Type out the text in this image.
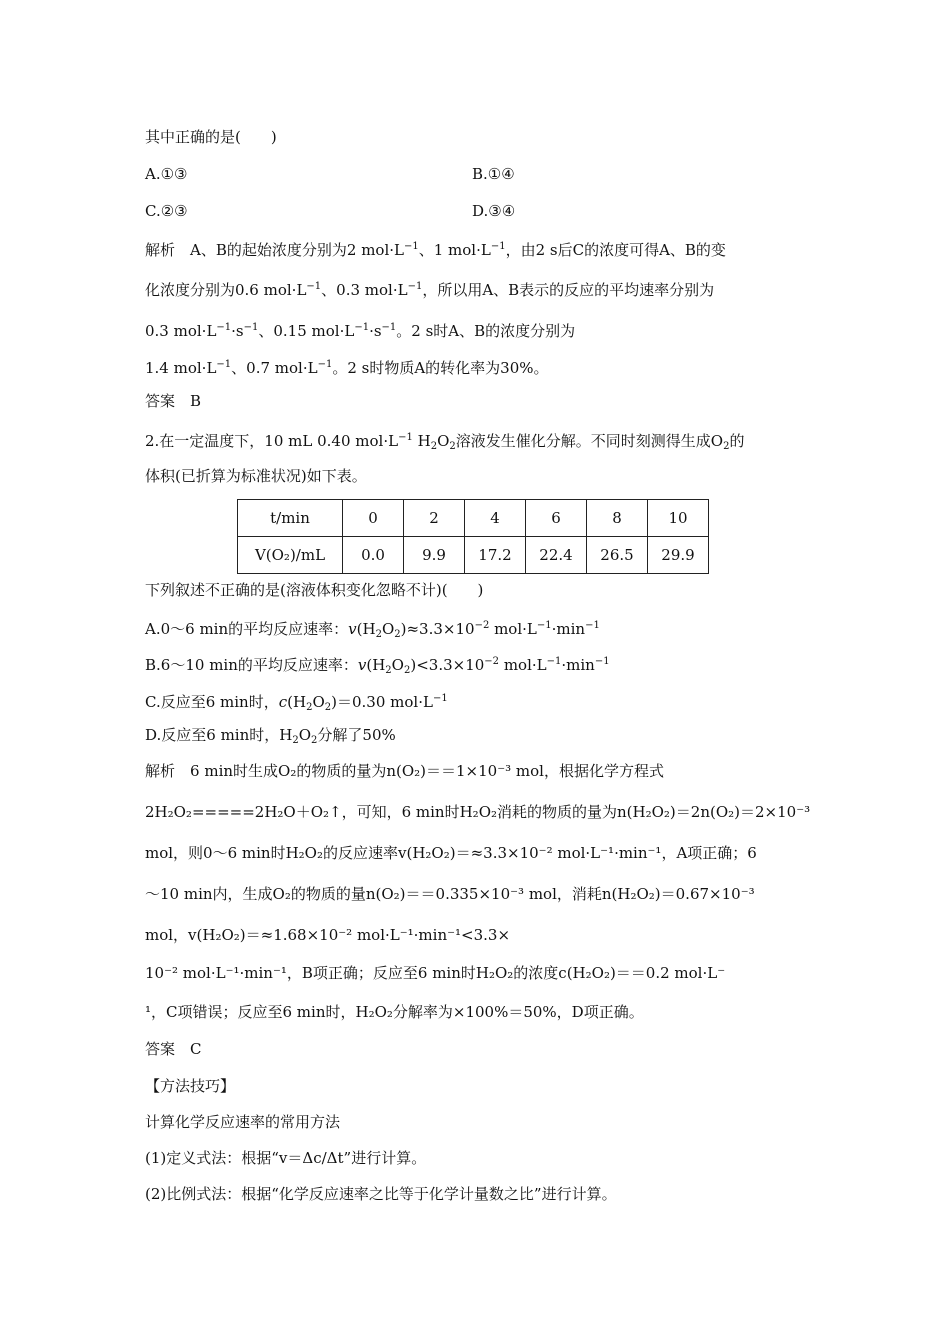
其中正确的是(　　)
A.①③	B.①④
C.②③	D.③④
解析　 A、B的起始浓度分别为2 $mol\cdot L^{-1}$、1 $mol\cdot L^{-1}$，由2 s后C的浓度可得A、B的变
化浓度分别为0.6 $mol\cdot L^{-1}$、0.3 $mol\cdot L^{-1}$，所以用A、B表示的反应的平均速率分别为
0.3 $mol\cdot L^{-1}\cdot s^{-1}$、0.15 $mol\cdot L^{-1}\cdot s^{-1}$。2 s时A、B的浓度分别为
1.4 $mol\cdot L^{-1}$、0.7 $mol\cdot L^{-1}$。2 s时物质A的转化率为30%。
答案　 B
2.在一定温度下，10 mL 0.40 $mol\cdot L^{-1}$ $H_2O_2$溶液发生催化分解。不同时刻测得生成$O_2$的
体积(已折算为标准状况)如下表。
t/min	0	2	4	6	8	10
V(O₂)/mL	0.0	9.9	17.2	22.4	26.5	29.9
下列叙述不正确的是(溶液体积变化忽略不计)(　　)
A.0～6 min的平均反应速率：$v(H_2O_2)\approx 3.3\times 10^{-2}$ $mol\cdot L^{-1}\cdot\min^{-1}$
B.6～10 min的平均反应速率：$v(H_2O_2)<3.3\times 10^{-2}$ $mol\cdot L^{-1}\cdot\min^{-1}$
C.反应至6 min时，$c(H_2O_2)=0.30$ $mol\cdot L^{-1}$
D.反应至6 min时，$H_2O_2$分解了50%
解析　 6 min时生成O₂的物质的量为n(O₂)＝＝1×10⁻³ mol，根据化学方程式
2H₂O₂=====2H₂O＋O₂↑，可知，6 min时H₂O₂消耗的物质的量为n(H₂O₂)＝2n(O₂)＝2×10⁻³
mol，则0～6 min时H₂O₂的反应速率v(H₂O₂)＝≈3.3×10⁻² mol·L⁻¹·min⁻¹，A项正确；6
～10 min内，生成O₂的物质的量n(O₂)＝＝0.335×10⁻³ mol，消耗n(H₂O₂)＝0.67×10⁻³
mol，v(H₂O₂)＝≈1.68×10⁻² mol·L⁻¹·min⁻¹<3.3×
10⁻² mol·L⁻¹·min⁻¹，B项正确；反应至6 min时H₂O₂的浓度c(H₂O₂)＝＝0.2 mol·L⁻
¹，C项错误；反应至6 min时，H₂O₂分解率为×100%＝50%，D项正确。
答案　 C
【方法技巧】
计算化学反应速率的常用方法
(1)定义式法：根据“v＝Δc/Δt”进行计算。
(2)比例式法：根据“化学反应速率之比等于化学计量数之比”进行计算。
